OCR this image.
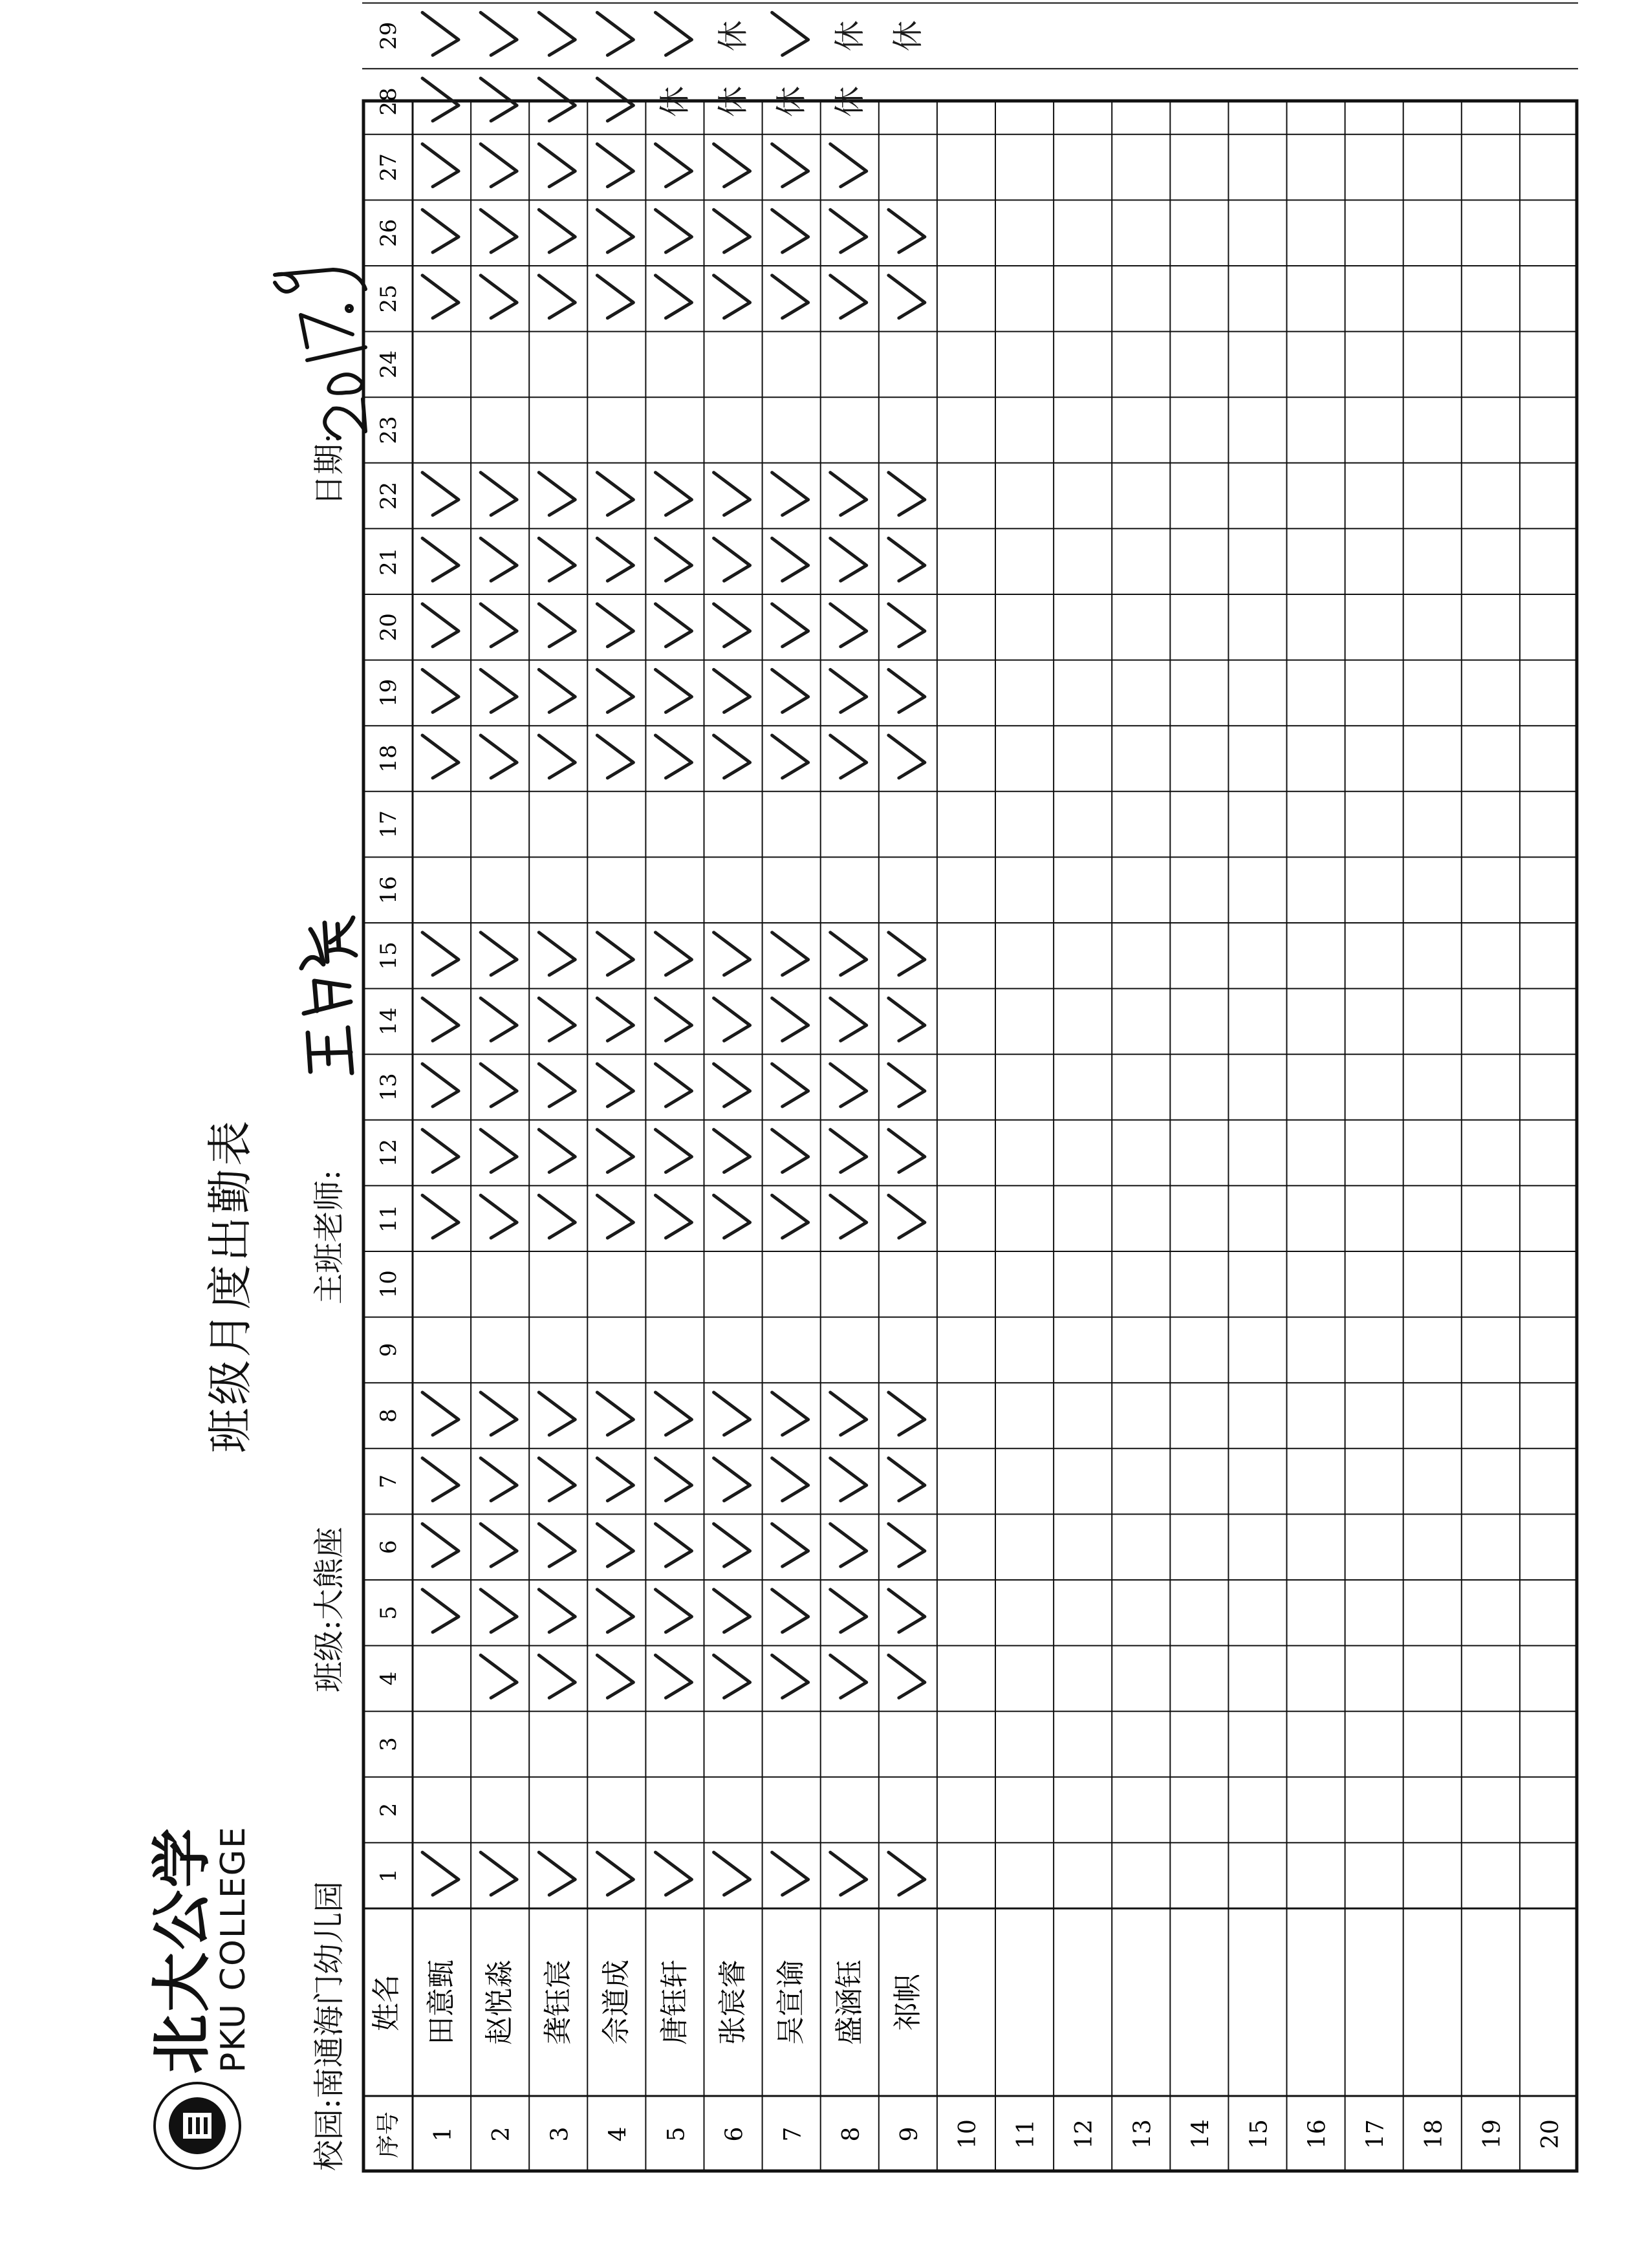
北大公学
PKU COLLEGE
班级月度出勤表
校园:南通海门幼儿园
班级:大熊座
主班老师:
日期:
序号
姓名
1
2
3
4
5
6
7
8
9
10
11
12
13
14
15
16
17
18
19
20
21
22
23
24
25
26
27
28
29
1
田意甄
2
赵悦淼
3
龚钰宸
4
佘道成
5
唐钰轩
6
张宸睿
7
吴宣谕
8
盛涵钰
9
祁帜
10 11 12 13 14 15 16 17 18 19 20
休 休
休
休 休
休 休
